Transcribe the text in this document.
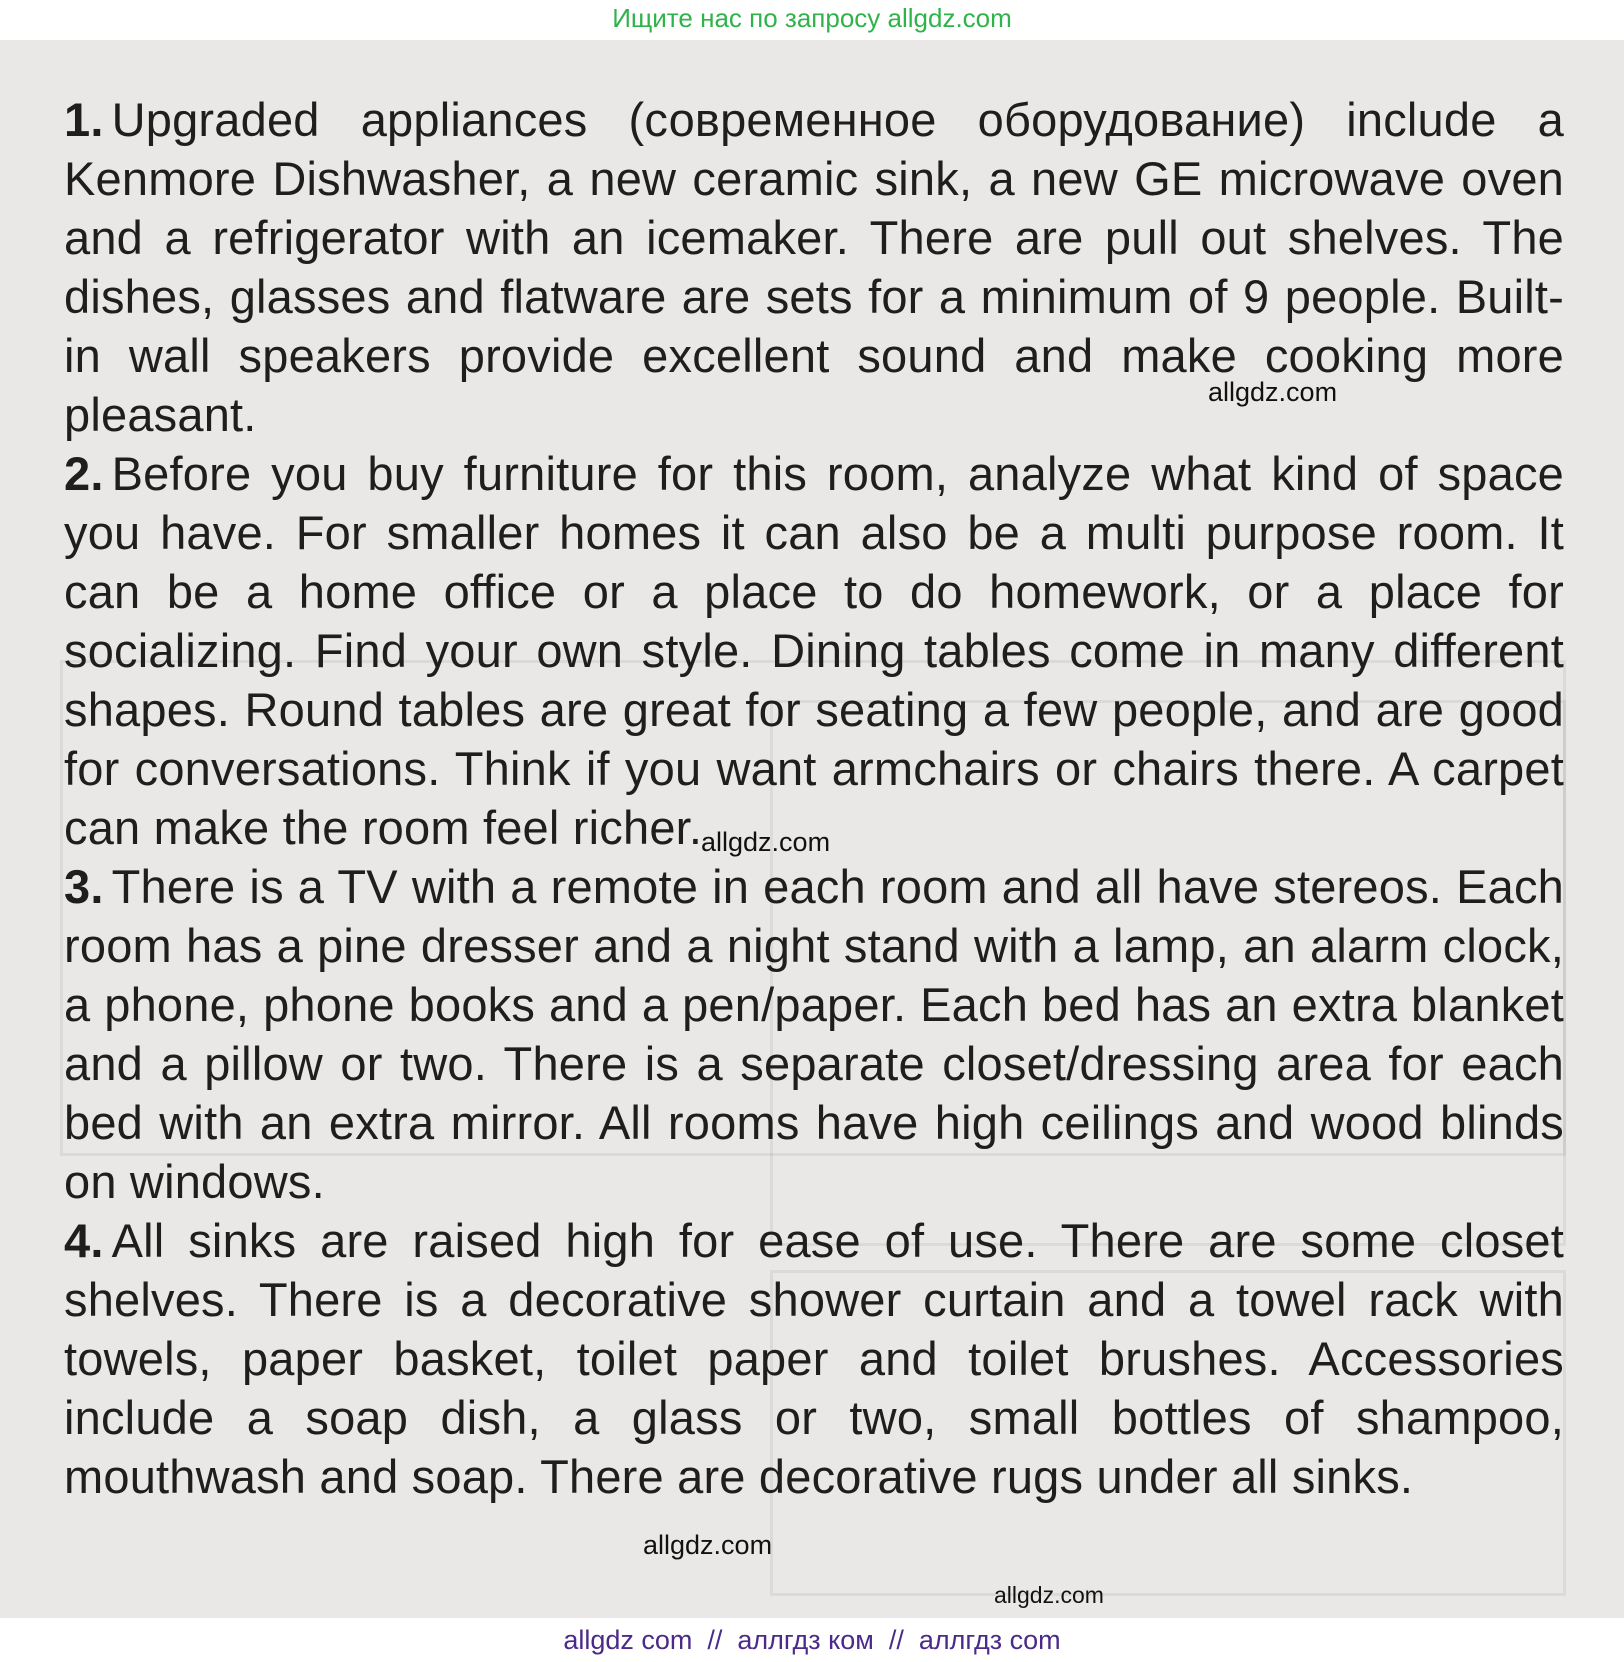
Ищите нас по запросу allgdz.com

1. Upgraded appliances (современное оборудование) include a Kenmore Dishwasher, a new ceramic sink, a new GE microwave oven and a refrigerator with an icemaker. There are pull out shelves. The dishes, glasses and flatware are sets for a minimum of 9 people. Built-in wall speakers provide excellent sound and make cooking more pleasant.

2. Before you buy furniture for this room, analyze what kind of space you have. For smaller homes it can also be a multi purpose room. It can be a home office or a place to do homework, or a place for socializing. Find your own style. Dining tables come in many different shapes. Round tables are great for seating a few people, and are good for conversations. Think if you want armchairs or chairs there. A carpet can make the room feel richer.

3. There is a TV with a remote in each room and all have stereos. Each room has a pine dresser and a night stand with a lamp, an alarm clock, a phone, phone books and a pen/paper. Each bed has an extra blanket and a pillow or two. There is a separate closet/dressing area for each bed with an extra mirror. All rooms have high ceilings and wood blinds on windows.

4. All sinks are raised high for ease of use. There are some closet shelves. There is a decorative shower curtain and a towel rack with towels, paper basket, toilet paper and toilet brushes. Accessories include a soap dish, a glass or two, small bottles of shampoo, mouthwash and soap. There are decorative rugs under all sinks.

allgdz.com
allgdz.com
allgdz.com
allgdz.com
allgdz com  //  аллгдз ком  //  аллгдз com
